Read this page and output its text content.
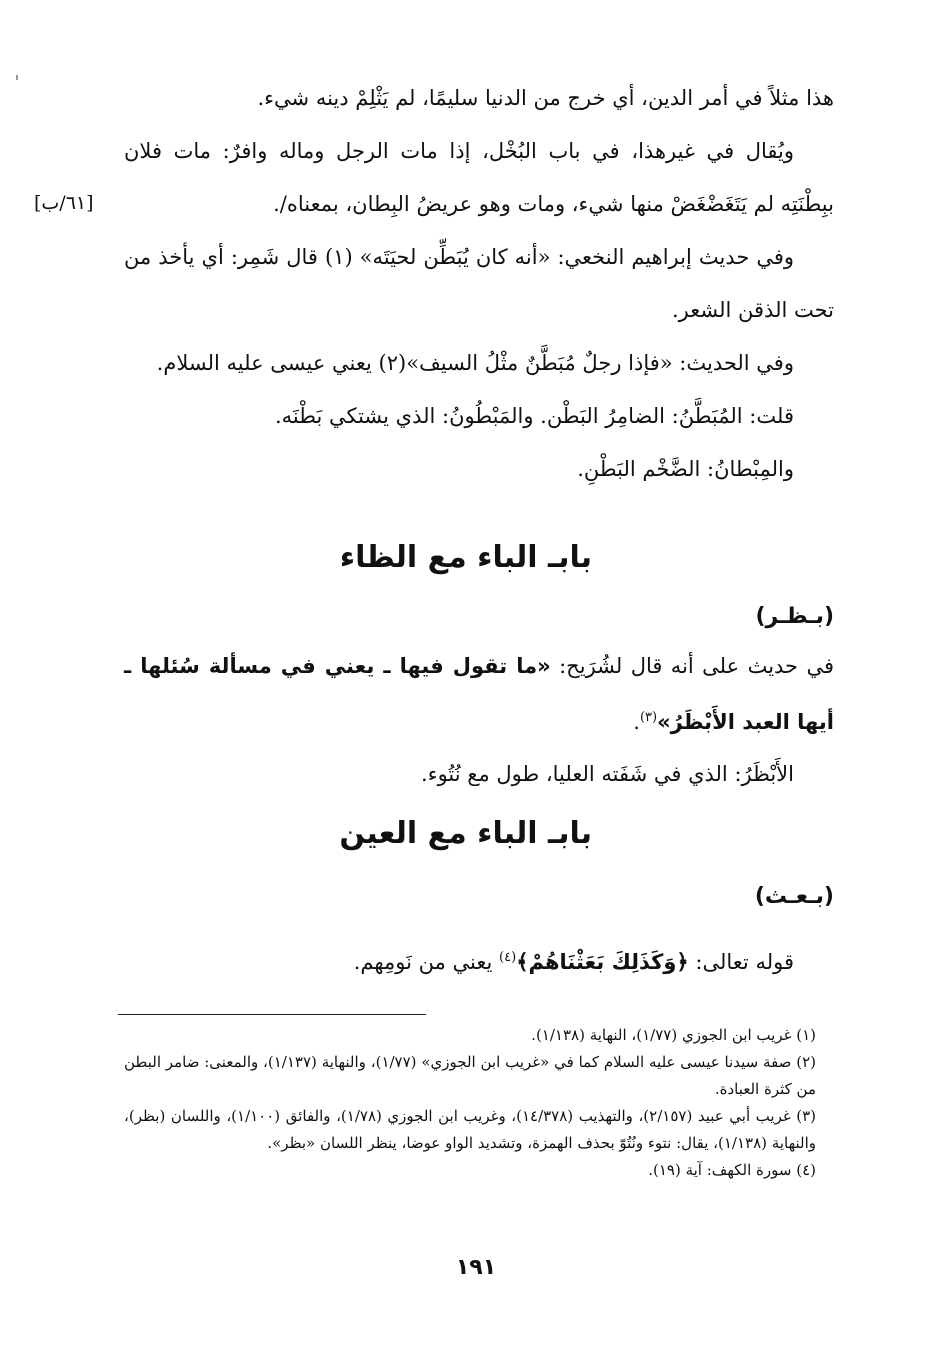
[٦١/ب]

هذا مثلاً في أمر الدين، أي خرج من الدنيا سليمًا، لم يَثْلِمْ دينه شيء.

ويُقال في غيرهذا، في باب البُخْل، إذا مات الرجل وماله وافرٌ: مات فلان ببِطْنَتِه لم يَتَغَضْغَضْ منها شيء، ومات وهو عريضُ البِطان، بمعناه/.

وفي حديث إبراهيم النخعي: «أنه كان يُبَطِّن لحيَتَه» (١) قال شَمِر: أي يأخذ من تحت الذقن الشعر.

وفي الحديث: «فإذا رجلٌ مُبَطَّنٌ مثْلُ السيف»(٢) يعني عيسى عليه السلام.

قلت: المُبَطَّنُ: الضامِرُ البَطْن. والمَبْطُونُ: الذي يشتكي بَطْنَه.

والمِبْطانُ: الضَّخْم البَطْنِ.

بابـ الباء مع الظاء
(بـظـر)

في حديث على أنه قال لشُرَيح: «ما تقول فيها ـ يعني في مسألة سُئلها ـ أيها العبد الأَبْظَرُ»$^{(٣)}$.

الأَبْظَرُ: الذي في شَفَته العليا، طول مع نُتُوء.

بابـ الباء مع العين
(بـعـث)

قوله تعالى: ﴿وَكَذَلِكَ بَعَثْنَاهُمْ﴾$^{(٤)}$ يعني من نَومِهم.

(١) غريب ابن الجوزي (١/٧٧)، النهاية (١/١٣٨).

(٢) صفة سيدنا عيسى عليه السلام كما في «غريب ابن الجوزي» (١/٧٧)، والنهاية (١/١٣٧)، والمعنى: ضامر البطن من كثرة العبادة.

(٣) غريب أبي عبيد (٢/١٥٧)، والتهذيب (١٤/٣٧٨)، وغريب ابن الجوزي (١/٧٨)، والفائق (١/١٠٠)، واللسان (بظر)، والنهاية (١/١٣٨)، يقال: نتوء ونُتُوّ بحذف الهمزة، وتشديد الواو عوضا، ينظر اللسان «بظر».

(٤) سورة الكهف: آية (١٩).

١٩١
